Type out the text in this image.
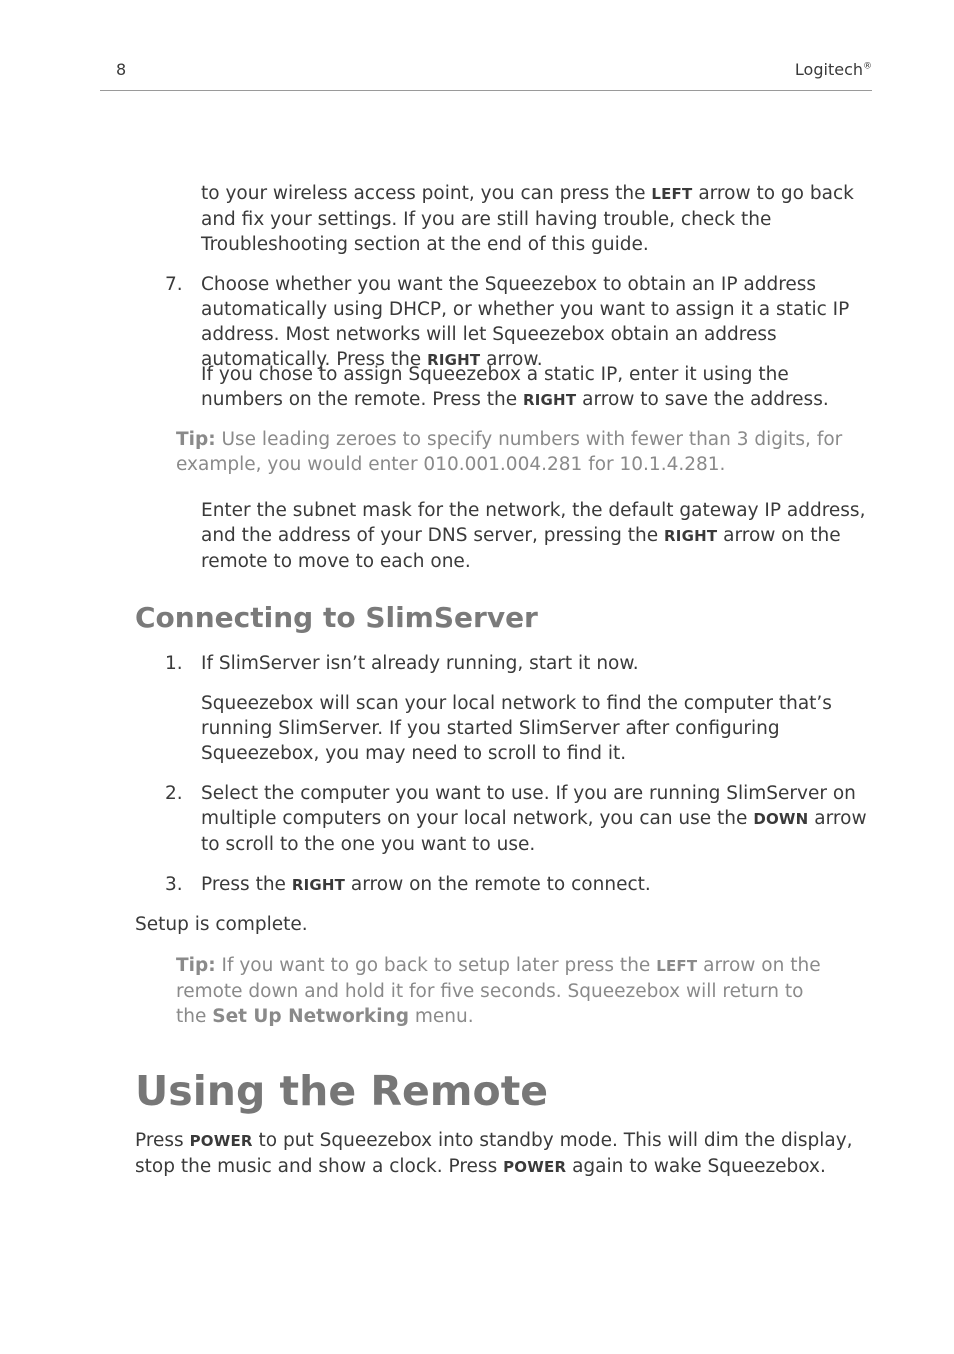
8	Logitech®

to your wireless access point, you can press the LEFT arrow to go back and fix your settings. If you are still having trouble, check the Troubleshooting section at the end of this guide.

7. Choose whether you want the Squeezebox to obtain an IP address automatically using DHCP, or whether you want to assign it a static IP address. Most networks will let Squeezebox obtain an address automatically. Press the RIGHT arrow.

If you chose to assign Squeezebox a static IP, enter it using the numbers on the remote. Press the RIGHT arrow to save the address.

Tip: Use leading zeroes to specify numbers with fewer than 3 digits, for example, you would enter 010.001.004.281 for 10.1.4.281.

Enter the subnet mask for the network, the default gateway IP address, and the address of your DNS server, pressing the RIGHT arrow on the remote to move to each one.

Connecting to SlimServer
1. If SlimServer isn’t already running, start it now.

Squeezebox will scan your local network to find the computer that’s running SlimServer. If you started SlimServer after configuring Squeezebox, you may need to scroll to find it.

2. Select the computer you want to use. If you are running SlimServer on multiple computers on your local network, you can use the DOWN arrow to scroll to the one you want to use.

3. Press the RIGHT arrow on the remote to connect.

Setup is complete.

Tip: If you want to go back to setup later press the LEFT arrow on the remote down and hold it for five seconds. Squeezebox will return to the Set Up Networking menu.

Using the Remote

Press POWER to put Squeezebox into standby mode. This will dim the display, stop the music and show a clock. Press POWER again to wake Squeezebox.
